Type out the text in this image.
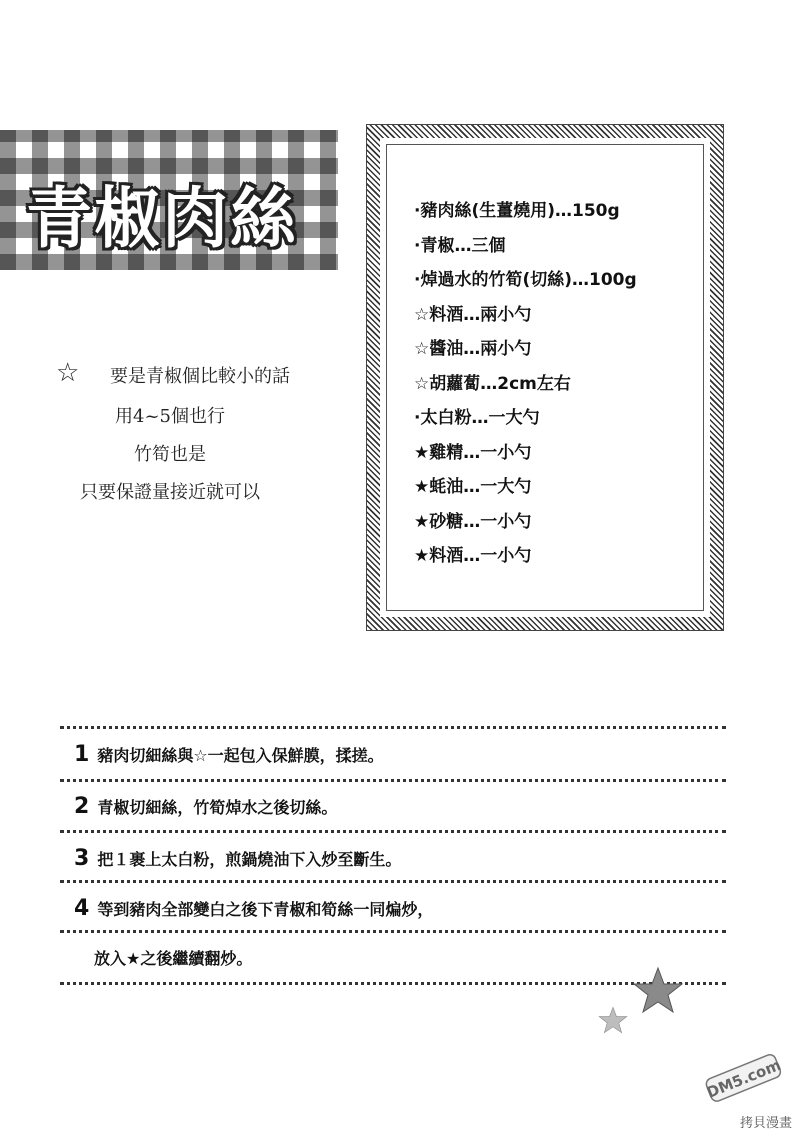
青椒肉絲
☆	要是青椒個比較小的話
用4~5個也行
竹筍也是
只要保證量接近就可以
·豬肉絲(生薑燒用)…150g
·青椒…三個
·焯過水的竹筍(切絲)…100g
☆料酒…兩小勺
☆醬油…兩小勺
☆胡蘿蔔…2cm左右
·太白粉…一大勺
★雞精…一小勺
★蚝油…一大勺
★砂糖…一小勺
★料酒…一小勺
1 豬肉切細絲與☆一起包入保鮮膜，揉搓。
2 青椒切細絲，竹筍焯水之後切絲。
3 把１裹上太白粉，煎鍋燒油下入炒至斷生。
4 等到豬肉全部變白之後下青椒和筍絲一同煸炒，
放入★之後繼續翻炒。
DM5.com
拷貝漫畫
